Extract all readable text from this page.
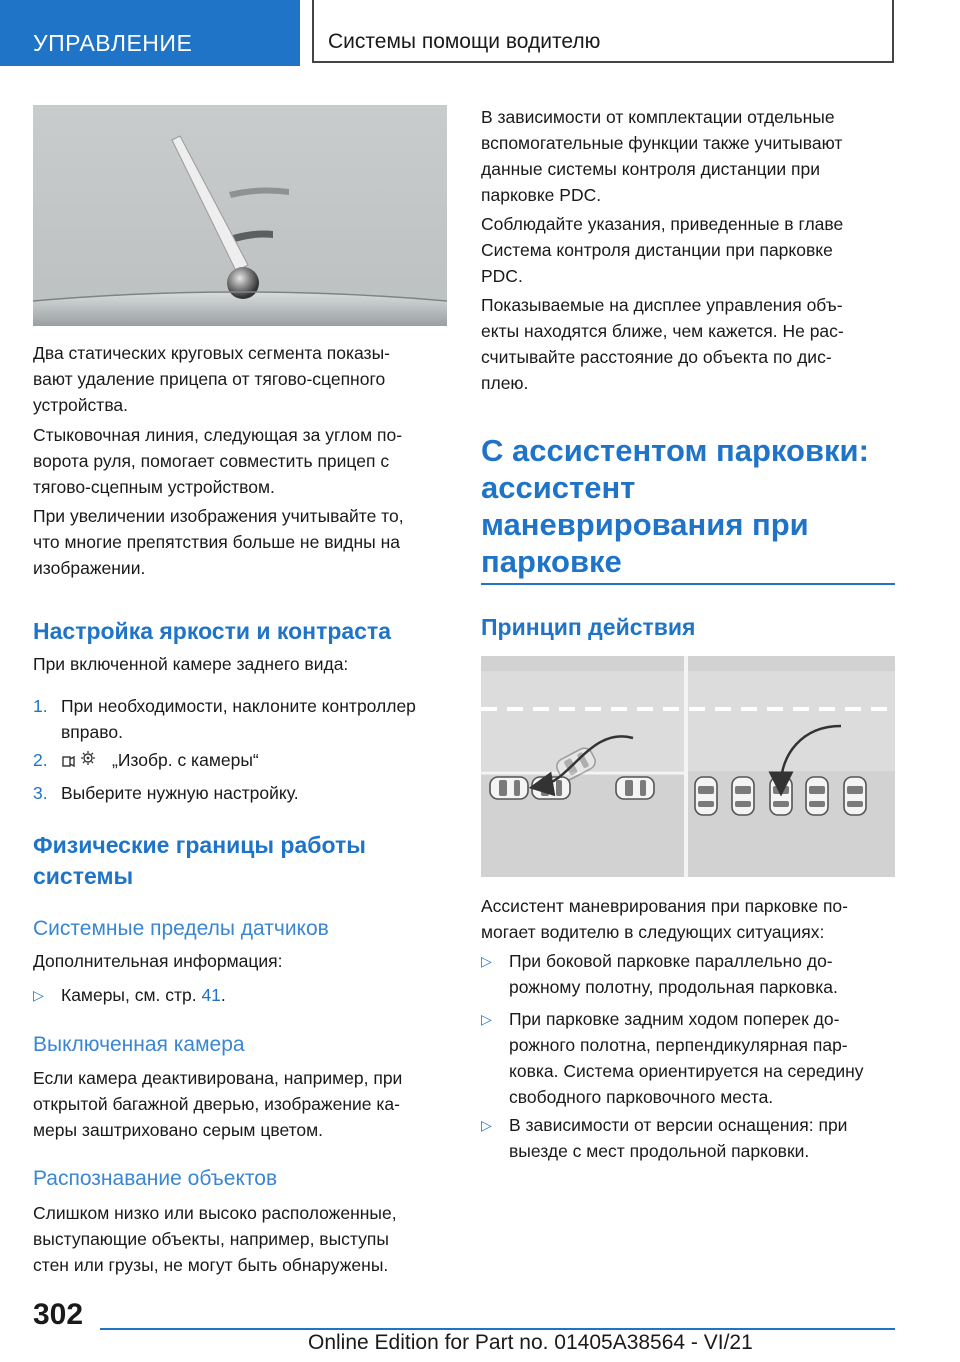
УПРАВЛЕНИЕ	Системы помощи водителю

Два статических круговых сегмента показы-

вают удаление прицепа от тягово-сцепного

устройства.

Стыковочная линия, следующая за углом по-

ворота руля, помогает совместить прицеп с

тягово-сцепным устройством.

При увеличении изображения учитывайте то,

что многие препятствия больше не видны на

изображении.

Настройка яркости и контраста

При включенной камере заднего вида:

1. При необходимости, наклоните контроллер

вправо.

2.	„Изобр. с камеры“

3. Выберите нужную настройку.

Физические границы работы

системы

Системные пределы датчиков

Дополнительная информация:

▷ Камеры, см. стр. 41.

Выключенная камера

Если камера деактивирована, например, при

открытой багажной дверью, изображение ка-

меры заштриховано серым цветом.

Распознавание объектов

Слишком низко или высоко расположенные,

выступающие объекты, например, выступы

стен или грузы, не могут быть обнаружены.

В зависимости от комплектации отдельные

вспомогательные функции также учитывают

данные системы контроля дистанции при

парковке PDC.

Соблюдайте указания, приведенные в главе

Система контроля дистанции при парковке

PDC.

Показываемые на дисплее управления объ-

екты находятся ближе, чем кажется. Не рас-

считывайте расстояние до объекта по дис-

плею.

С ассистентом парковки:

ассистент

маневрирования при

парковке

Принцип действия

Ассистент маневрирования при парковке по-

могает водителю в следующих ситуациях:

▷ При боковой парковке параллельно до-

рожному полотну, продольная парковка.

▷ При парковке задним ходом поперек до-

рожного полотна, перпендикулярная пар-

ковка. Система ориентируется на середину

свободного парковочного места.

▷ В зависимости от версии оснащения: при

выезде с мест продольной парковки.

302
Online Edition for Part no. 01405A38564 - VI/21
